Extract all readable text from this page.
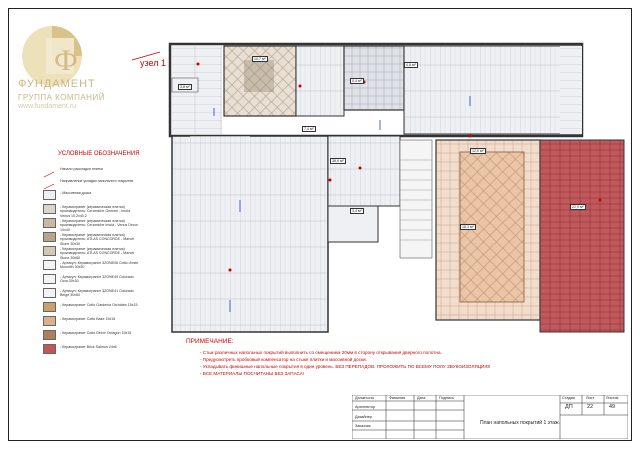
Ф
ФУНДАМЕНТ
ГРУППА КОМПАНИЙ
www.fundament.ru
узел 1
3,8 м²
10,7 м²
0,4 м²
4,8 м²
7,4 м²
38,9 м²
3,4 м²
12,0 м²
22,9 м²
18,3 м²
УСЛОВНЫЕ ОБОЗНАЧЕНИЯ
Начало раскладки плитки
Направление укладки напольного покрытия
- Массивная доска
- Керамогранит (керамическая плитка) производитель: Ceramiche Gemme - Imola Venus 10,2x40,2
- Керамогранит (керамическая плитка) производитель: Ceramiche Imola - Venus Decor 10x40
- Керамогранит (керамическая плитка) производитель: ATLAS CONCORDE - Marvel Stone 30x30
- Керамогранит (керамическая плитка) производитель: ATLAS CONCORDE - Marvel Stone 30x60
- Артикул: Керамогранит 3ZONE06 Cotto d'este Monolith 30x30
- Артикул: Керамогранит 3ZONE40 Colorado Ocra 30x30
- Артикул: Керамогранит 3ZONE41 Colorado Beige 30x60
- Керамогранит Cotto Gardenia Orchidea 15x15
- Керамогранит Cotto Base 15x15
- Керамогранит Cotto Decor Octagon 15x15
- Керамогранит Brick Salmon 24x6
ПРИМЕЧАНИЕ:
- Стык различных напольных покрытий выполнить со смещением 20мм в сторону открывания дверного полотна.
- Предусмотреть пробковый компенсатор на стыке плитки и массивной доски.
- Укладывать финишные напольные покрытия в один уровень. БЕЗ ПЕРЕПАДОВ. ПРОЛОЖИТЬ ПО ВСЕМУ ПОЛУ ЗВУКОИЗОЛЯЦИЮ!
- ВСЕ МАТЕРИАЛЫ ПОСЧИТАНЫ БЕЗ ЗАПАСА!
Должность	Фамилия	Дата	Подпись
Архитектор
Дизайнер
Заказчик
Стадия	Лист	Листов
ДП	22	49
План напольных покрытий 1 этаж.
